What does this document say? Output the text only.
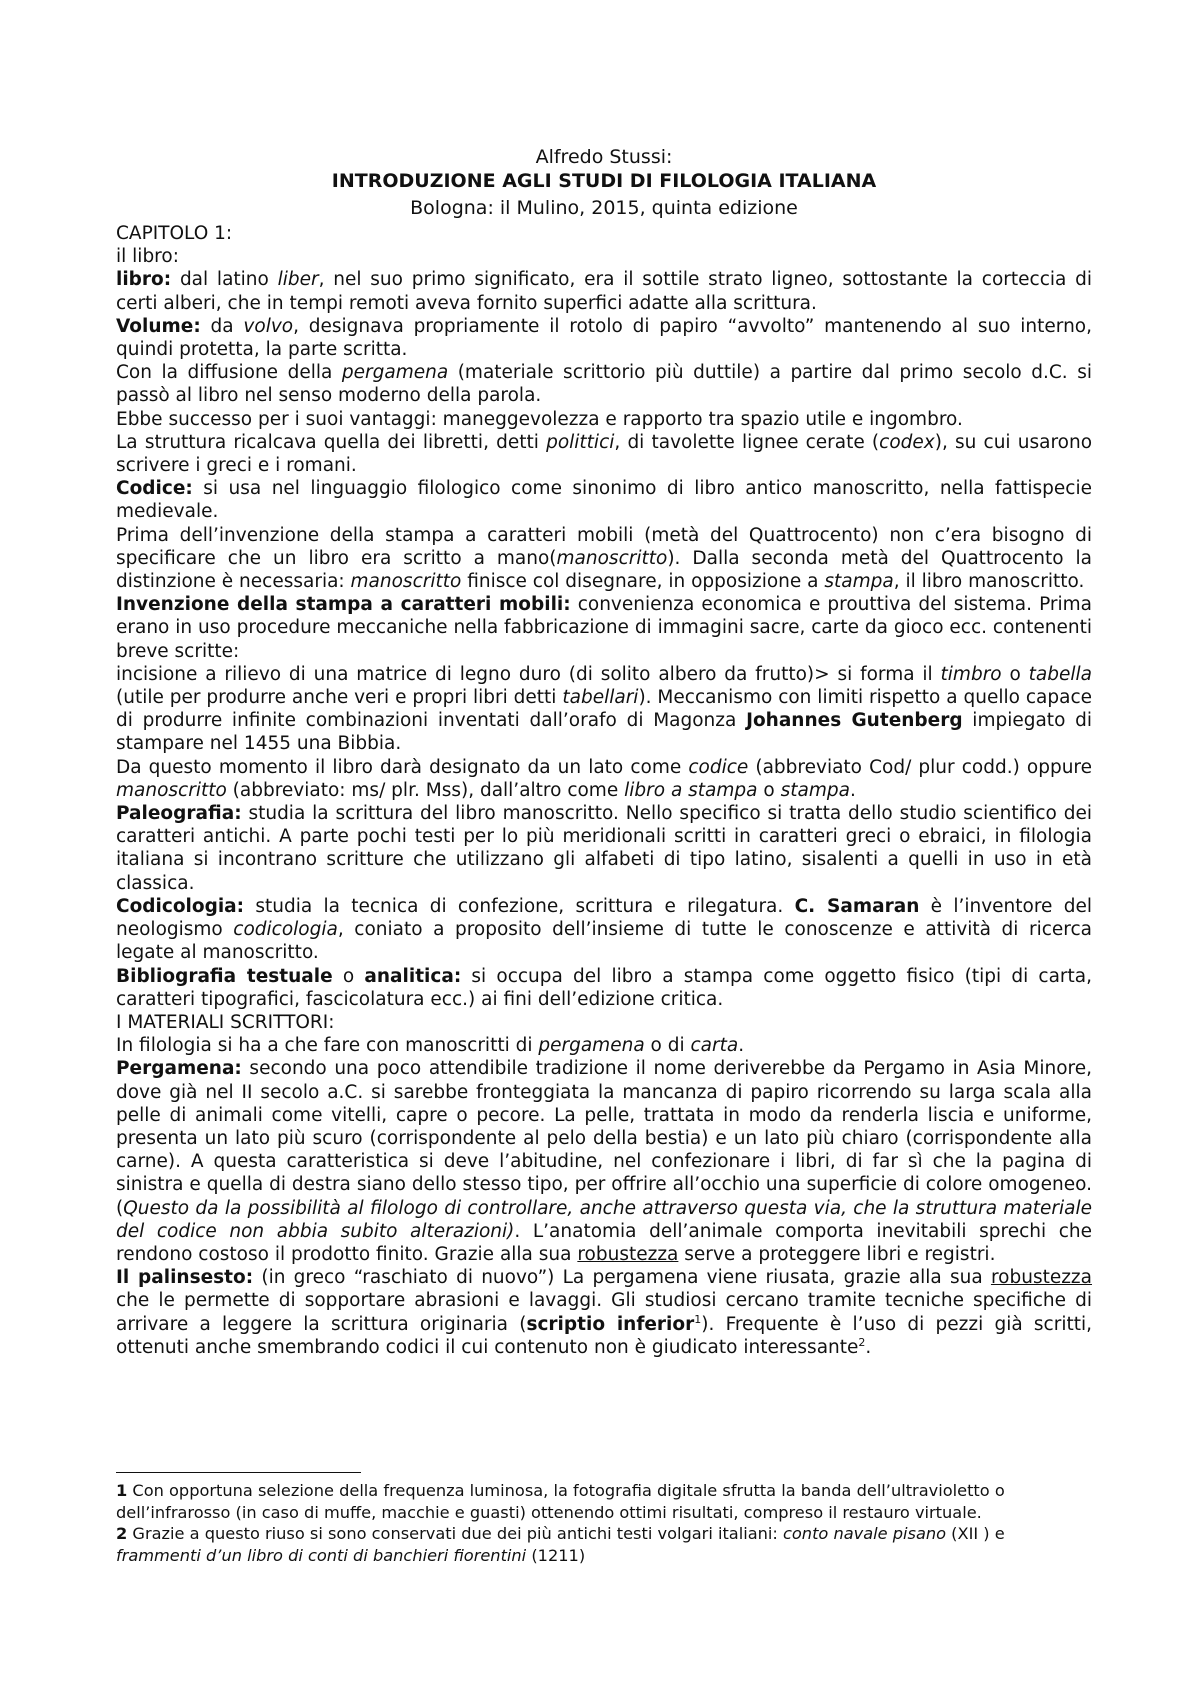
Alfredo Stussi:
INTRODUZIONE AGLI STUDI DI FILOLOGIA ITALIANA
Bologna: il Mulino, 2015, quinta edizione

CAPITOLO 1:

il libro:

libro: dal latino liber, nel suo primo significato, era il sottile strato ligneo, sottostante la corteccia di certi alberi, che in tempi remoti aveva fornito superfici adatte alla scrittura.

Volume: da volvo, designava propriamente il rotolo di papiro “avvolto” mantenendo al suo interno, quindi protetta, la parte scritta.

Con la diffusione della pergamena (materiale scrittorio più duttile) a partire dal primo secolo d.C. si passò al libro nel senso moderno della parola.

Ebbe successo per i suoi vantaggi: maneggevolezza e rapporto tra spazio utile e ingombro.

La struttura ricalcava quella dei libretti, detti polittici, di tavolette lignee cerate (codex), su cui usarono scrivere i greci e i romani.

Codice: si usa nel linguaggio filologico come sinonimo di libro antico manoscritto, nella fattispecie medievale.

Prima dell’invenzione della stampa a caratteri mobili (metà del Quattrocento) non c’era bisogno di specificare che un libro era scritto a mano(manoscritto). Dalla seconda metà del Quattrocento la distinzione è necessaria: manoscritto finisce col disegnare, in opposizione a stampa, il libro manoscritto.

Invenzione della stampa a caratteri mobili: convenienza economica e prouttiva del sistema. Prima erano in uso procedure meccaniche nella fabbricazione di immagini sacre, carte da gioco ecc. contenenti breve scritte:

incisione a rilievo di una matrice di legno duro (di solito albero da frutto)> si forma il timbro o tabella (utile per produrre anche veri e propri libri detti tabellari). Meccanismo con limiti rispetto a quello capace di produrre infinite combinazioni inventati dall’orafo di Magonza Johannes Gutenberg impiegato di stampare nel 1455 una Bibbia.

Da questo momento il libro darà designato da un lato come codice (abbreviato Cod/ plur codd.) oppure manoscritto (abbreviato: ms/ plr. Mss), dall’altro come libro a stampa o stampa.

Paleografia: studia la scrittura del libro manoscritto. Nello specifico si tratta dello studio scientifico dei caratteri antichi. A parte pochi testi per lo più meridionali scritti in caratteri greci o ebraici, in filologia italiana si incontrano scritture che utilizzano gli alfabeti di tipo latino, sisalenti a quelli in uso in età classica.

Codicologia: studia la tecnica di confezione, scrittura e rilegatura. C. Samaran è l’inventore del neologismo codicologia, coniato a proposito dell’insieme di tutte le conoscenze e attività di ricerca legate al manoscritto.

Bibliografia testuale o analitica: si occupa del libro a stampa come oggetto fisico (tipi di carta, caratteri tipografici, fascicolatura ecc.) ai fini dell’edizione critica.

I MATERIALI SCRITTORI:

In filologia si ha a che fare con manoscritti di pergamena o di carta.

Pergamena: secondo una poco attendibile tradizione il nome deriverebbe da Pergamo in Asia Minore, dove già nel II secolo a.C. si sarebbe fronteggiata la mancanza di papiro ricorrendo su larga scala alla pelle di animali come vitelli, capre o pecore. La pelle, trattata in modo da renderla liscia e uniforme, presenta un lato più scuro (corrispondente al pelo della bestia) e un lato più chiaro (corrispondente alla carne). A questa caratteristica si deve l’abitudine, nel confezionare i libri, di far sì che la pagina di sinistra e quella di destra siano dello stesso tipo, per offrire all’occhio una superficie di colore omogeneo. (Questo da la possibilità al filologo di controllare, anche attraverso questa via, che la struttura materiale del codice non abbia subito alterazioni). L’anatomia dell’animale comporta inevitabili sprechi che rendono costoso il prodotto finito. Grazie alla sua robustezza serve a proteggere libri e registri.

Il palinsesto: (in greco “raschiato di nuovo”) La pergamena viene riusata, grazie alla sua robustezza che le permette di sopportare abrasioni e lavaggi. Gli studiosi cercano tramite tecniche specifiche di arrivare a leggere la scrittura originaria (scriptio inferior$^1$). Frequente è l’uso di pezzi già scritti, ottenuti anche smembrando codici il cui contenuto non è giudicato interessante$^2$.

1 Con opportuna selezione della frequenza luminosa, la fotografia digitale sfrutta la banda dell’ultravioletto o dell’infrarosso (in caso di muffe, macchie e guasti) ottenendo ottimi risultati, compreso il restauro virtuale.

2 Grazie a questo riuso si sono conservati due dei più antichi testi volgari italiani: conto navale pisano (XII ) e frammenti d’un libro di conti di banchieri fiorentini (1211)
